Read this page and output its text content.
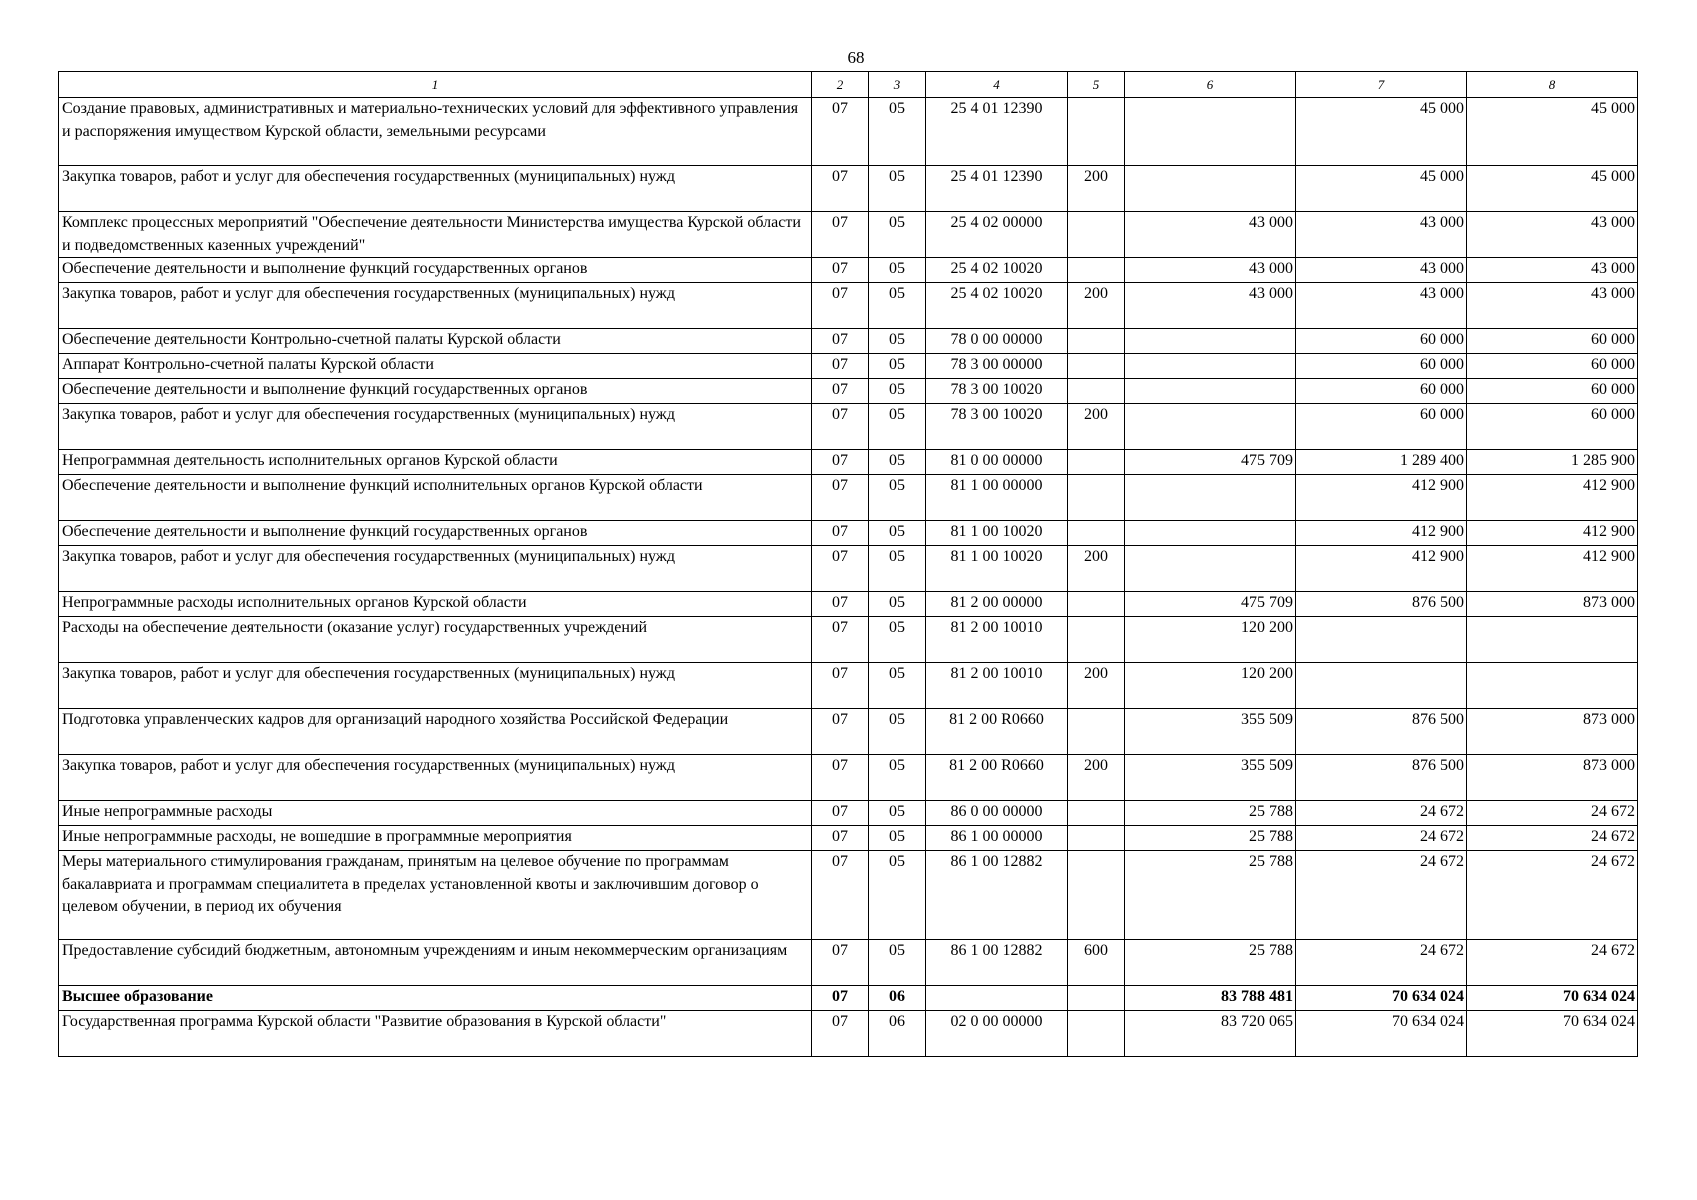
68
1	2	3	4	5	6	7	8
Создание правовых, административных и материально-технических условий для эффективного управления и распоряжения имуществом Курской области, земельными ресурсами	07	05	25 4 01 12390			45 000	45 000
Закупка товаров, работ и услуг для обеспечения государственных (муниципальных) нужд	07	05	25 4 01 12390	200		45 000	45 000
Комплекс процессных мероприятий "Обеспечение деятельности Министерства имущества Курской области и подведомственных казенных учреждений"	07	05	25 4 02 00000		43 000	43 000	43 000
Обеспечение деятельности и выполнение функций государственных органов	07	05	25 4 02 10020		43 000	43 000	43 000
Закупка товаров, работ и услуг для обеспечения государственных (муниципальных) нужд	07	05	25 4 02 10020	200	43 000	43 000	43 000
Обеспечение деятельности Контрольно-счетной палаты Курской области	07	05	78 0 00 00000			60 000	60 000
Аппарат Контрольно-счетной палаты Курской области	07	05	78 3 00 00000			60 000	60 000
Обеспечение деятельности и выполнение функций государственных органов	07	05	78 3 00 10020			60 000	60 000
Закупка товаров, работ и услуг для обеспечения государственных (муниципальных) нужд	07	05	78 3 00 10020	200		60 000	60 000
Непрограммная деятельность исполнительных органов Курской области	07	05	81 0 00 00000		475 709	1 289 400	1 285 900
Обеспечение деятельности и выполнение функций исполнительных органов Курской области	07	05	81 1 00 00000			412 900	412 900
Обеспечение деятельности и выполнение функций государственных органов	07	05	81 1 00 10020			412 900	412 900
Закупка товаров, работ и услуг для обеспечения государственных (муниципальных) нужд	07	05	81 1 00 10020	200		412 900	412 900
Непрограммные расходы исполнительных органов Курской области	07	05	81 2 00 00000		475 709	876 500	873 000
Расходы на обеспечение деятельности (оказание услуг) государственных учреждений	07	05	81 2 00 10010		120 200		
Закупка товаров, работ и услуг для обеспечения государственных (муниципальных) нужд	07	05	81 2 00 10010	200	120 200		
Подготовка управленческих кадров для организаций народного хозяйства Российской Федерации	07	05	81 2 00 R0660		355 509	876 500	873 000
Закупка товаров, работ и услуг для обеспечения государственных (муниципальных) нужд	07	05	81 2 00 R0660	200	355 509	876 500	873 000
Иные непрограммные расходы	07	05	86 0 00 00000		25 788	24 672	24 672
Иные непрограммные расходы, не вошедшие в программные мероприятия	07	05	86 1 00 00000		25 788	24 672	24 672
Меры материального стимулирования гражданам, принятым на целевое обучение по программам бакалавриата и программам специалитета в пределах установленной квоты и заключившим договор о целевом обучении, в период их обучения	07	05	86 1 00 12882		25 788	24 672	24 672
Предоставление субсидий бюджетным, автономным учреждениям и иным некоммерческим организациям	07	05	86 1 00 12882	600	25 788	24 672	24 672
Высшее образование	07	06			83 788 481	70 634 024	70 634 024
Государственная программа Курской области "Развитие образования в Курской области"	07	06	02 0 00 00000		83 720 065	70 634 024	70 634 024
